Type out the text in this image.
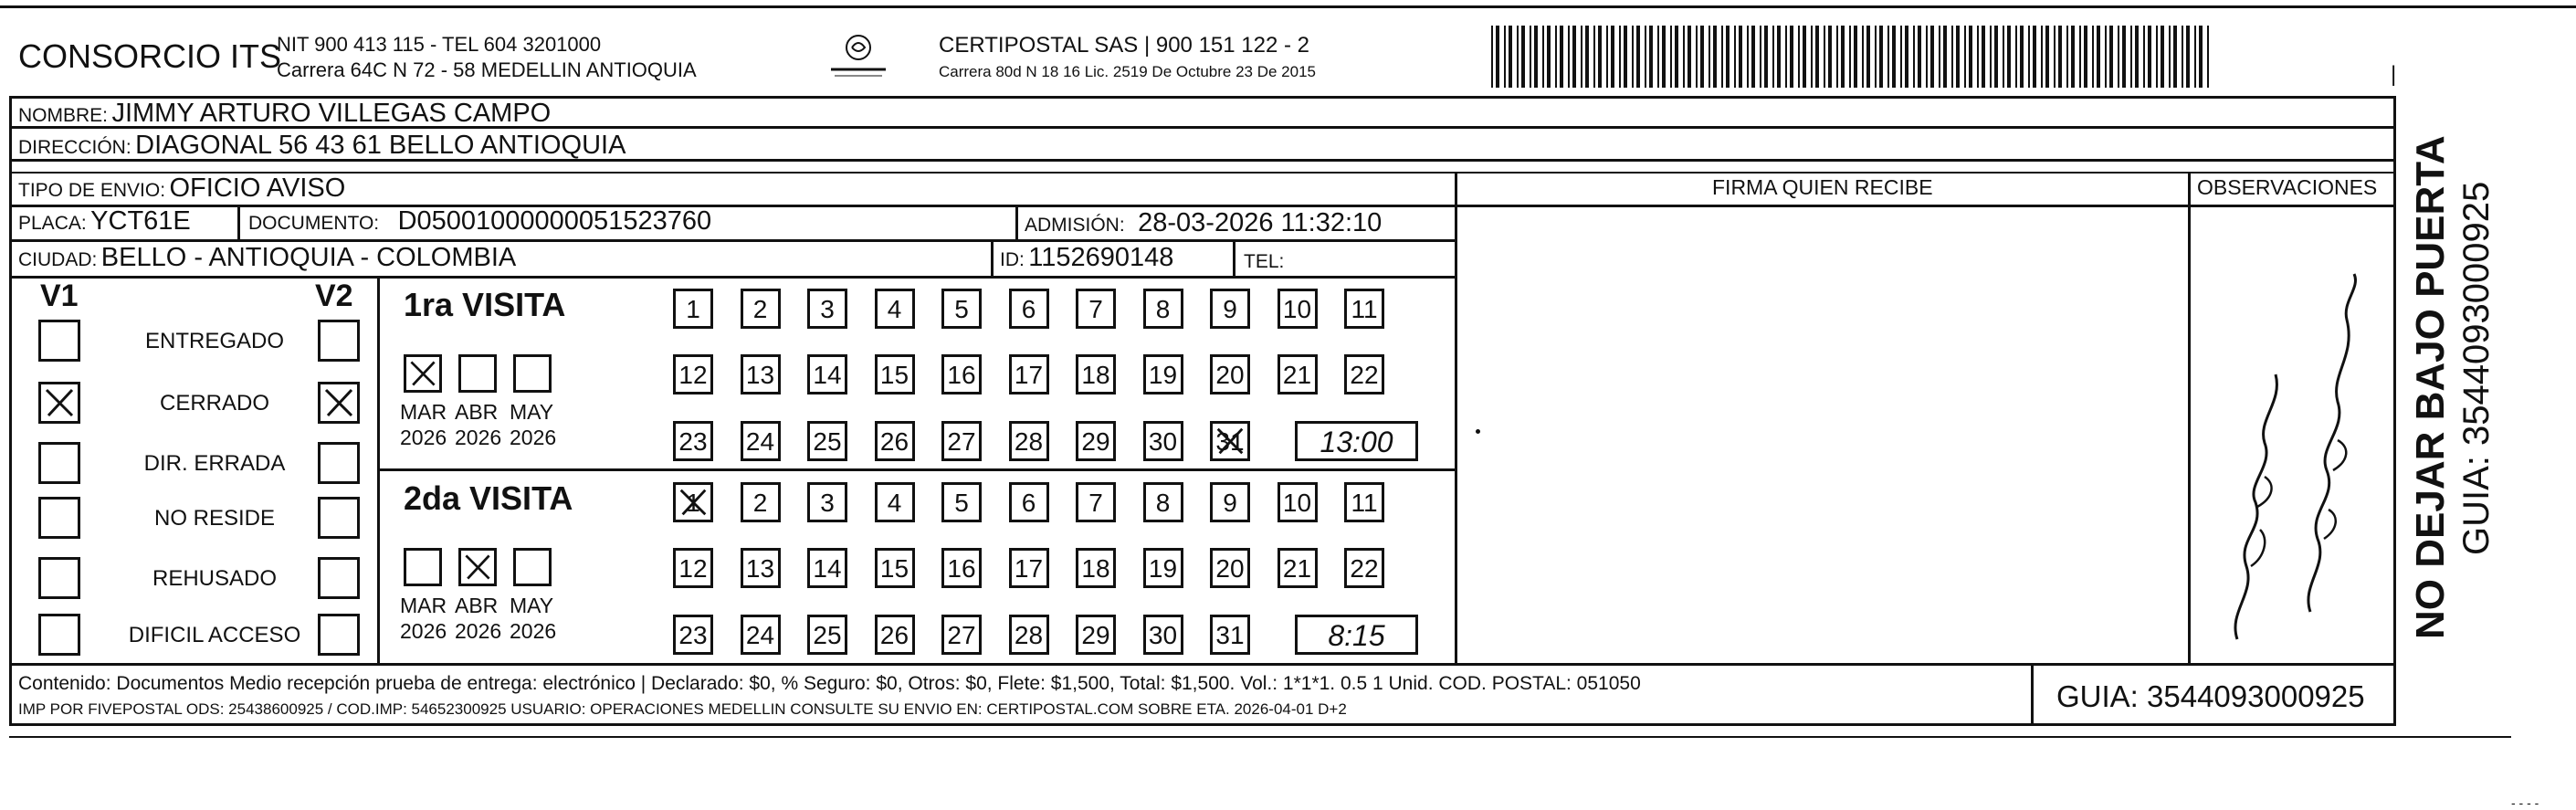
CONSORCIO ITS
NIT 900 413 115 - TEL 604 3201000
Carrera 64C N 72 - 58 MEDELLIN ANTIOQUIA
CERTIPOSTAL SAS | 900 151 122 - 2
Carrera 80d N 18 16 Lic. 2519 De Octubre 23 De 2015	|
NOMBRE: JIMMY ARTURO VILLEGAS CAMPO
DIRECCIÓN: DIAGONAL 56 43 61 BELLO ANTIOQUIA
TIPO DE ENVIO: OFICIO AVISO
PLACA: YCT61E	DOCUMENTO: D05001000000051523760	ADMISIÓN: 28-03-2026 11:32:10
CIUDAD: BELLO - ANTIOQUIA - COLOMBIA	ID: 1152690148	TEL:
FIRMA QUIEN RECIBE	OBSERVACIONES
V1	V2
ENTREGADO
CERRADO
DIR. ERRADA
NO RESIDE
REHUSADO
DIFICIL ACCESO
1ra VISITA
MAR
2026
ABR
2026
MAY
2026
1	2	3	4	5	6	7	8	9	10 11
12 13 14 15 16 17 18 19 20 21 22
23 24 25 26 27 28 29 30 31	13:00
2da VISITA
MAR
2026
ABR
2026
MAY
2026
1	2	3	4	5	6	7	8	9	10 11
12 13 14 15 16 17 18 19 20 21 22
23 24 25 26 27 28 29 30 31	8:15
Contenido: Documentos Medio recepción prueba de entrega: electrónico | Declarado: $0, % Seguro: $0, Otros: $0, Flete: $1,500, Total: $1,500. Vol.: 1*1*1. 0.5 1 Unid. COD. POSTAL: 051050
IMP POR FIVEPOSTAL ODS: 25438600925 / COD.IMP: 54652300925 USUARIO: OPERACIONES MEDELLIN CONSULTE SU ENVIO EN: CERTIPOSTAL.COM SOBRE ETA. 2026-04-01 D+2	GUIA: 3544093000925
NO DEJAR BAJO PUERTA GUIA: 3544093000925
- - - -
